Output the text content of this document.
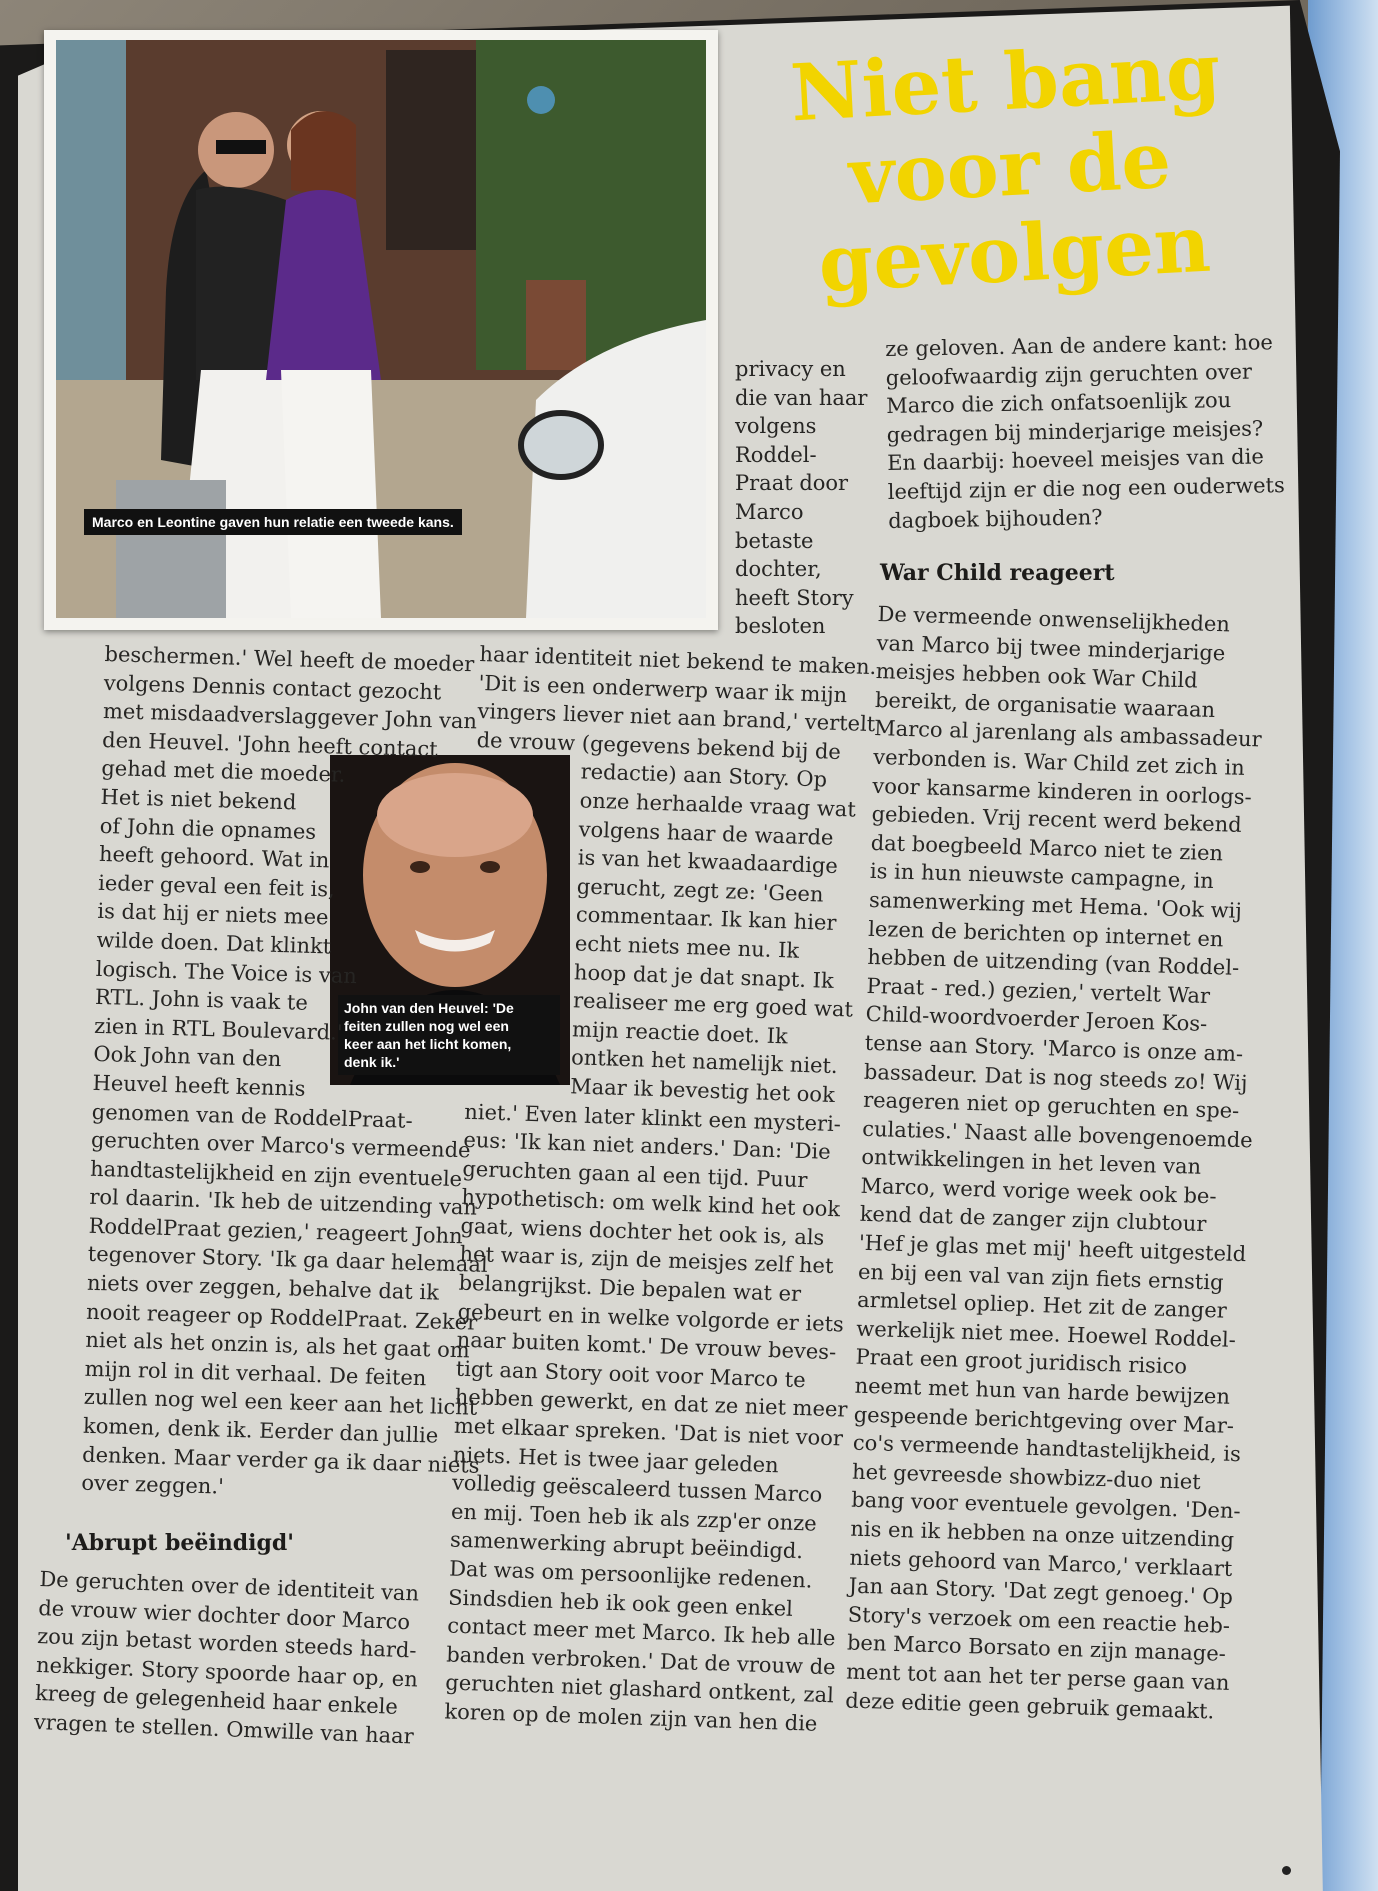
Marco en Leontine gaven hun relatie een tweede kans.
Niet bang
voor de
gevolgen
John van den Heuvel: 'De
feiten zullen nog wel een
keer aan het licht komen,
denk ik.'
privacy en
die van haar
volgens
Roddel-
Praat door
Marco
betaste
dochter,
heeft Story
besloten
beschermen.' Wel heeft de moeder
volgens Dennis contact gezocht
met misdaadverslaggever John van
den Heuvel. 'John heeft contact
gehad met die moeder.
Het is niet bekend
of John die opnames
heeft gehoord. Wat in
ieder geval een feit is,
is dat hij er niets mee
wilde doen. Dat klinkt
logisch. The Voice is van
RTL. John is vaak te
zien in RTL Boulevard.'
Ook John van den
Heuvel heeft kennis
genomen van de RoddelPraat-
geruchten over Marco's vermeende
handtastelijkheid en zijn eventuele
rol daarin. 'Ik heb de uitzending van
RoddelPraat gezien,' reageert John
tegenover Story. 'Ik ga daar helemaal
niets over zeggen, behalve dat ik
nooit reageer op RoddelPraat. Zeker
niet als het onzin is, als het gaat om
mijn rol in dit verhaal. De feiten
zullen nog wel een keer aan het licht
komen, denk ik. Eerder dan jullie
denken. Maar verder ga ik daar niets
over zeggen.'
'Abrupt beëindigd'
De geruchten over de identiteit van
de vrouw wier dochter door Marco
zou zijn betast worden steeds hard-
nekkiger. Story spoorde haar op, en
kreeg de gelegenheid haar enkele
vragen te stellen. Omwille van haar
haar identiteit niet bekend te maken.
'Dit is een onderwerp waar ik mijn
vingers liever niet aan brand,' vertelt
de vrouw (gegevens bekend bij de
redactie) aan Story. Op
onze herhaalde vraag wat
volgens haar de waarde
is van het kwaadaardige
gerucht, zegt ze: 'Geen
commentaar. Ik kan hier
echt niets mee nu. Ik
hoop dat je dat snapt. Ik
realiseer me erg goed wat
mijn reactie doet. Ik
ontken het namelijk niet.
Maar ik bevestig het ook
niet.' Even later klinkt een mysteri-
eus: 'Ik kan niet anders.' Dan: 'Die
geruchten gaan al een tijd. Puur
hypothetisch: om welk kind het ook
gaat, wiens dochter het ook is, als
het waar is, zijn de meisjes zelf het
belangrijkst. Die bepalen wat er
gebeurt en in welke volgorde er iets
naar buiten komt.' De vrouw beves-
tigt aan Story ooit voor Marco te
hebben gewerkt, en dat ze niet meer
met elkaar spreken. 'Dat is niet voor
niets. Het is twee jaar geleden
volledig geëscaleerd tussen Marco
en mij. Toen heb ik als zzp'er onze
samenwerking abrupt beëindigd.
Dat was om persoonlijke redenen.
Sindsdien heb ik ook geen enkel
contact meer met Marco. Ik heb alle
banden verbroken.' Dat de vrouw de
geruchten niet glashard ontkent, zal
koren op de molen zijn van hen die
ze geloven. Aan de andere kant: hoe
geloofwaardig zijn geruchten over
Marco die zich onfatsoenlijk zou
gedragen bij minderjarige meisjes?
En daarbij: hoeveel meisjes van die
leeftijd zijn er die nog een ouderwets
dagboek bijhouden?
War Child reageert
De vermeende onwenselijkheden
van Marco bij twee minderjarige
meisjes hebben ook War Child
bereikt, de organisatie waaraan
Marco al jarenlang als ambassadeur
verbonden is. War Child zet zich in
voor kansarme kinderen in oorlogs-
gebieden. Vrij recent werd bekend
dat boegbeeld Marco niet te zien
is in hun nieuwste campagne, in
samenwerking met Hema. 'Ook wij
lezen de berichten op internet en
hebben de uitzending (van Roddel-
Praat - red.) gezien,' vertelt War
Child-woordvoerder Jeroen Kos-
tense aan Story. 'Marco is onze am-
bassadeur. Dat is nog steeds zo! Wij
reageren niet op geruchten en spe-
culaties.' Naast alle bovengenoemde
ontwikkelingen in het leven van
Marco, werd vorige week ook be-
kend dat de zanger zijn clubtour
'Hef je glas met mij' heeft uitgesteld
en bij een val van zijn fiets ernstig
armletsel opliep. Het zit de zanger
werkelijk niet mee. Hoewel Roddel-
Praat een groot juridisch risico
neemt met hun van harde bewijzen
gespeende berichtgeving over Mar-
co's vermeende handtastelijkheid, is
het gevreesde showbizz-duo niet
bang voor eventuele gevolgen. 'Den-
nis en ik hebben na onze uitzending
niets gehoord van Marco,' verklaart
Jan aan Story. 'Dat zegt genoeg.' Op
Story's verzoek om een reactie heb-
ben Marco Borsato en zijn manage-
ment tot aan het ter perse gaan van
deze editie geen gebruik gemaakt.
